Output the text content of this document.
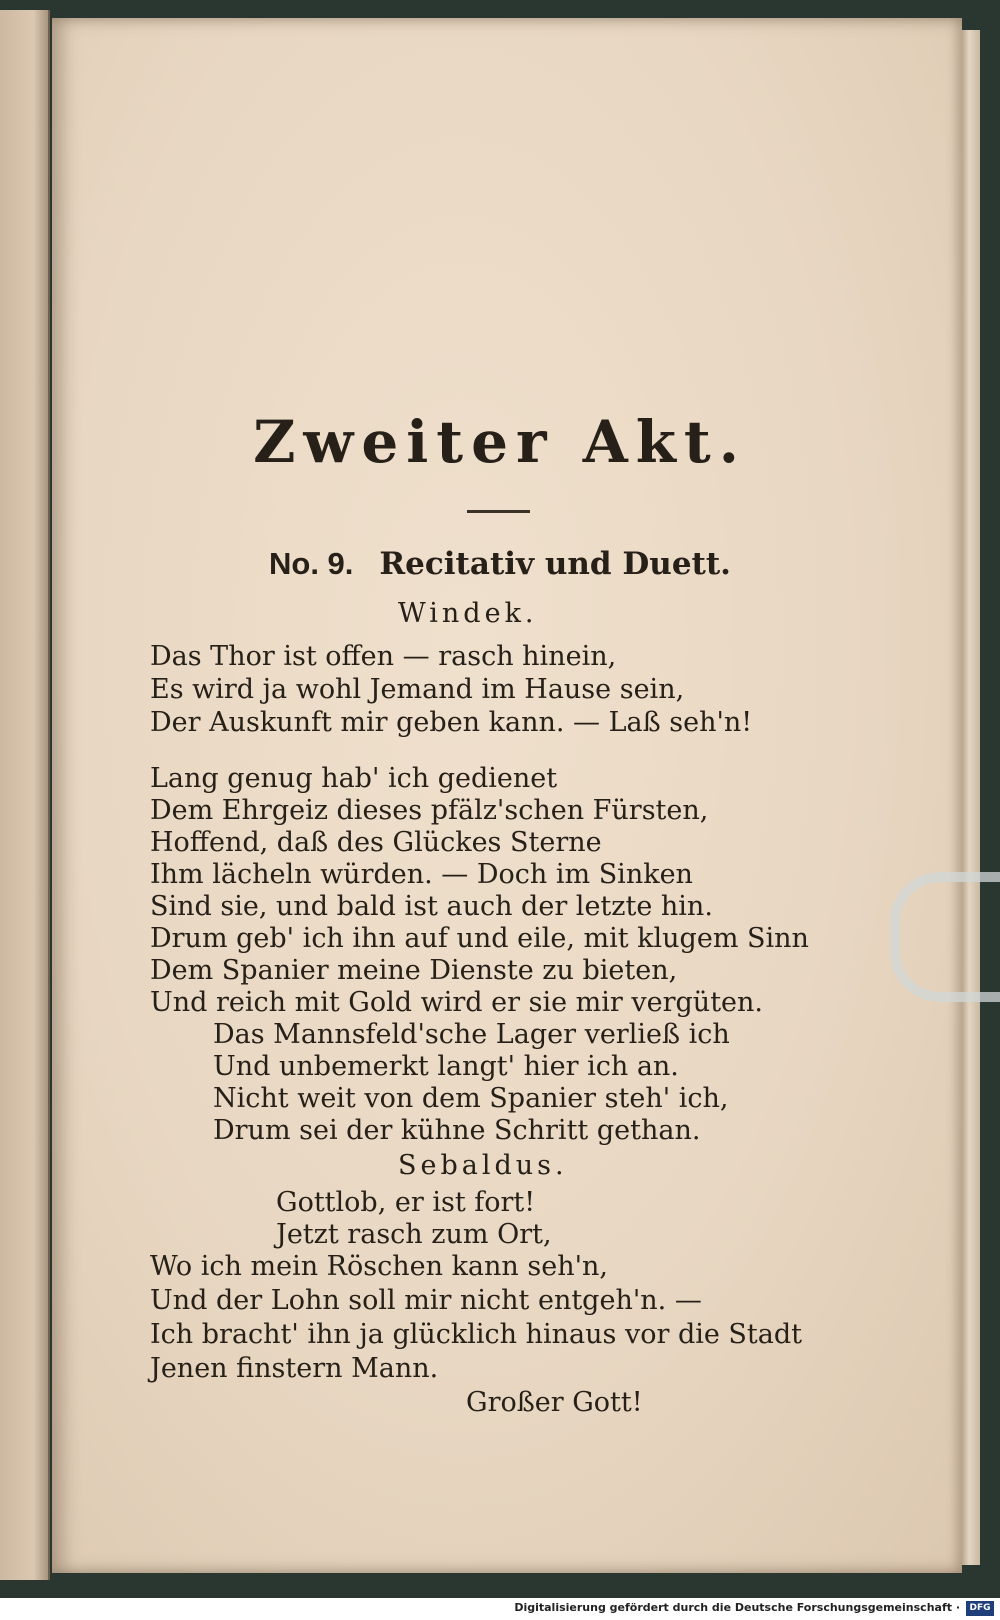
Zweiter Akt.
No. 9. Recitativ und Duett.
Windek.
Das Thor ist offen — rasch hinein,
Es wird ja wohl Jemand im Hause sein,
Der Auskunft mir geben kann. — Laß seh'n!
Lang genug hab' ich gedienet
Dem Ehrgeiz dieses pfälz'schen Fürsten,
Hoffend, daß des Glückes Sterne
Ihm lächeln würden. — Doch im Sinken
Sind sie, und bald ist auch der letzte hin.
Drum geb' ich ihn auf und eile, mit klugem Sinn
Dem Spanier meine Dienste zu bieten,
Und reich mit Gold wird er sie mir vergüten.
Das Mannsfeld'sche Lager verließ ich
Und unbemerkt langt' hier ich an.
Nicht weit von dem Spanier steh' ich,
Drum sei der kühne Schritt gethan.
Sebaldus.
Gottlob, er ist fort!
Jetzt rasch zum Ort,
Wo ich mein Röschen kann seh'n,
Und der Lohn soll mir nicht entgeh'n. —
Ich bracht' ihn ja glücklich hinaus vor die Stadt
Jenen finstern Mann.
Großer Gott!
Digitalisierung gefördert durch die Deutsche Forschungsgemeinschaft ·	DFG
